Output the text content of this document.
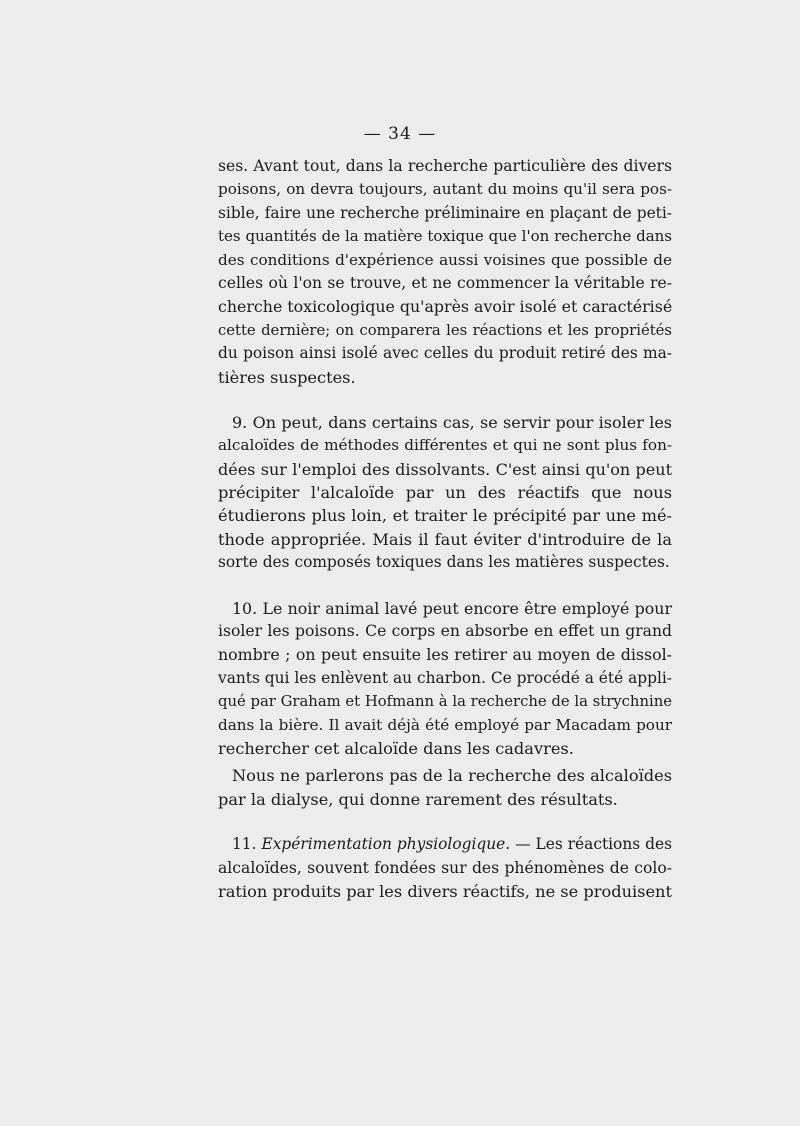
— 34 —
ses. Avant tout, dans la recherche particulière des divers
poisons, on devra toujours, autant du moins qu'il sera pos-
sible, faire une recherche préliminaire en plaçant de peti-
tes quantités de la matière toxique que l'on recherche dans
des conditions d'expérience aussi voisines que possible de
celles où l'on se trouve, et ne commencer la véritable re-
cherche toxicologique qu'après avoir isolé et caractérisé
cette dernière; on comparera les réactions et les propriétés
du poison ainsi isolé avec celles du produit retiré des ma-
tières suspectes.
9. On peut, dans certains cas, se servir pour isoler les
alcaloïdes de méthodes différentes et qui ne sont plus fon-
dées sur l'emploi des dissolvants. C'est ainsi qu'on peut
précipiter l'alcaloïde par un des réactifs que nous
étudierons plus loin, et traiter le précipité par une mé-
thode appropriée. Mais il faut éviter d'introduire de la
sorte des composés toxiques dans les matières suspectes.
10. Le noir animal lavé peut encore être employé pour
isoler les poisons. Ce corps en absorbe en effet un grand
nombre ; on peut ensuite les retirer au moyen de dissol-
vants qui les enlèvent au charbon. Ce procédé a été appli-
qué par Graham et Hofmann à la recherche de la strychnine
dans la bière. Il avait déjà été employé par Macadam pour
rechercher cet alcaloïde dans les cadavres.
Nous ne parlerons pas de la recherche des alcaloïdes
par la dialyse, qui donne rarement des résultats.
11. Expérimentation physiologique. — Les réactions des
alcaloïdes, souvent fondées sur des phénomènes de colo-
ration produits par les divers réactifs, ne se produisent
